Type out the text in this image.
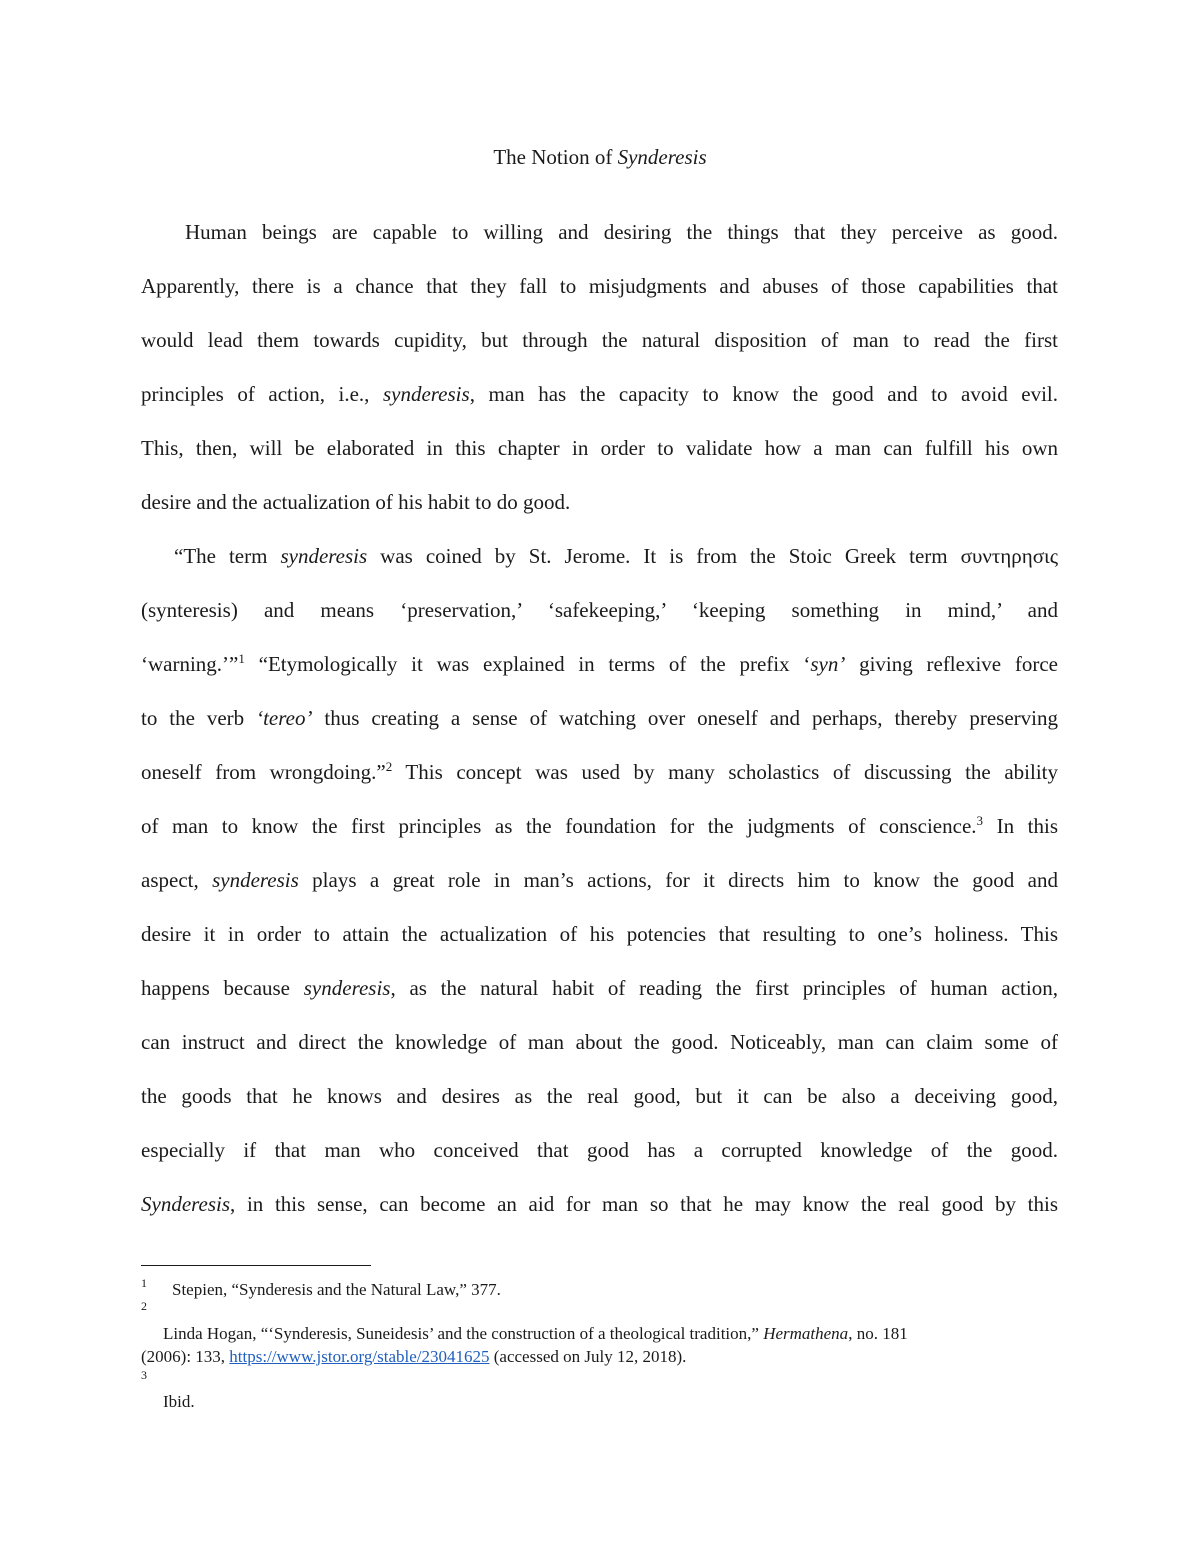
The Notion of Synderesis
Human beings are capable to willing and desiring the things that they perceive as good.
Apparently, there is a chance that they fall to misjudgments and abuses of those capabilities that
would lead them towards cupidity, but through the natural disposition of man to read the first
principles of action, i.e., synderesis, man has the capacity to know the good and to avoid evil.
This, then, will be elaborated in this chapter in order to validate how a man can fulfill his own
desire and the actualization of his habit to do good.
“The term synderesis was coined by St. Jerome. It is from the Stoic Greek term συντηρησις
(synteresis) and means ‘preservation,’ ‘safekeeping,’ ‘keeping something in mind,’ and
‘warning.’”$^1$ “Etymologically it was explained in terms of the prefix ‘syn’ giving reflexive force
to the verb ‘tereo’ thus creating a sense of watching over oneself and perhaps, thereby preserving
oneself from wrongdoing.”$^2$ This concept was used by many scholastics of discussing the ability
of man to know the first principles as the foundation for the judgments of conscience.$^3$ In this
aspect, synderesis plays a great role in man’s actions, for it directs him to know the good and
desire it in order to attain the actualization of his potencies that resulting to one’s holiness. This
happens because synderesis, as the natural habit of reading the first principles of human action,
can instruct and direct the knowledge of man about the good. Noticeably, man can claim some of
the goods that he knows and desires as the real good, but it can be also a deceiving good,
especially if that man who conceived that good has a corrupted knowledge of the good.
Synderesis, in this sense, can become an aid for man so that he may know the real good by this
1 Stepien, “Synderesis and the Natural Law,” 377.
2
Linda Hogan, “‘Synderesis, Suneidesis’ and the construction of a theological tradition,” Hermathena, no. 181
(2006): 133, https://www.jstor.org/stable/23041625 (accessed on July 12, 2018).
3
Ibid.
